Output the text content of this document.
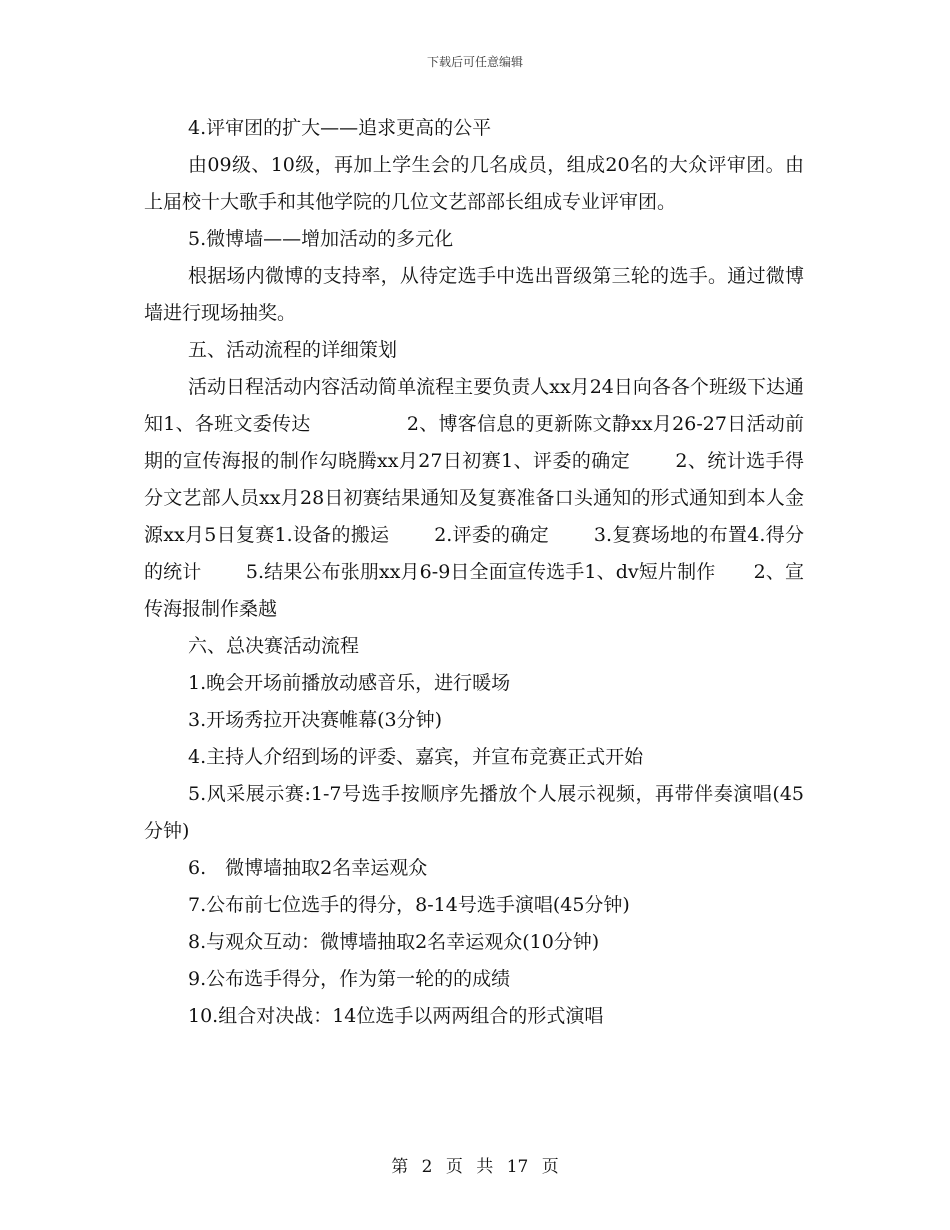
下载后可任意编辑

4.评审团的扩大——追求更高的公平

由09级、10级，再加上学生会的几名成员，组成20名的大众评审团。由上届校十大歌手和其他学院的几位文艺部部长组成专业评审团。

5.微博墙——增加活动的多元化

根据场内微博的支持率，从待定选手中选出晋级第三轮的选手。通过微博墙进行现场抽奖。

五、活动流程的详细策划

活动日程活动内容活动简单流程主要负责人xx月24日向各各个班级下达通知1、各班文委传达　　　　　2、博客信息的更新陈文静xx月26-27日活动前期的宣传海报的制作勾晓腾xx月27日初赛1、评委的确定　　 2、统计选手得分文艺部人员xx月28日初赛结果通知及复赛准备口头通知的形式通知到本人金源xx月5日复赛1.设备的搬运　　 2.评委的确定　　 3.复赛场地的布置4.得分的统计　　 5.结果公布张朋xx月6-9日全面宣传选手1、dv短片制作　　2、宣传海报制作桑越

六、总决赛活动流程

1.晚会开场前播放动感音乐，进行暖场

3.开场秀拉开决赛帷幕(3分钟)

4.主持人介绍到场的评委、嘉宾，并宣布竞赛正式开始

5.风采展示赛:1-7号选手按顺序先播放个人展示视频，再带伴奏演唱(45分钟)

6.　微博墙抽取2名幸运观众

7.公布前七位选手的得分，8-14号选手演唱(45分钟)

8.与观众互动：微博墙抽取2名幸运观众(10分钟)

9.公布选手得分，作为第一轮的的成绩

10.组合对决战：14位选手以两两组合的形式演唱

第 2 页 共 17 页
